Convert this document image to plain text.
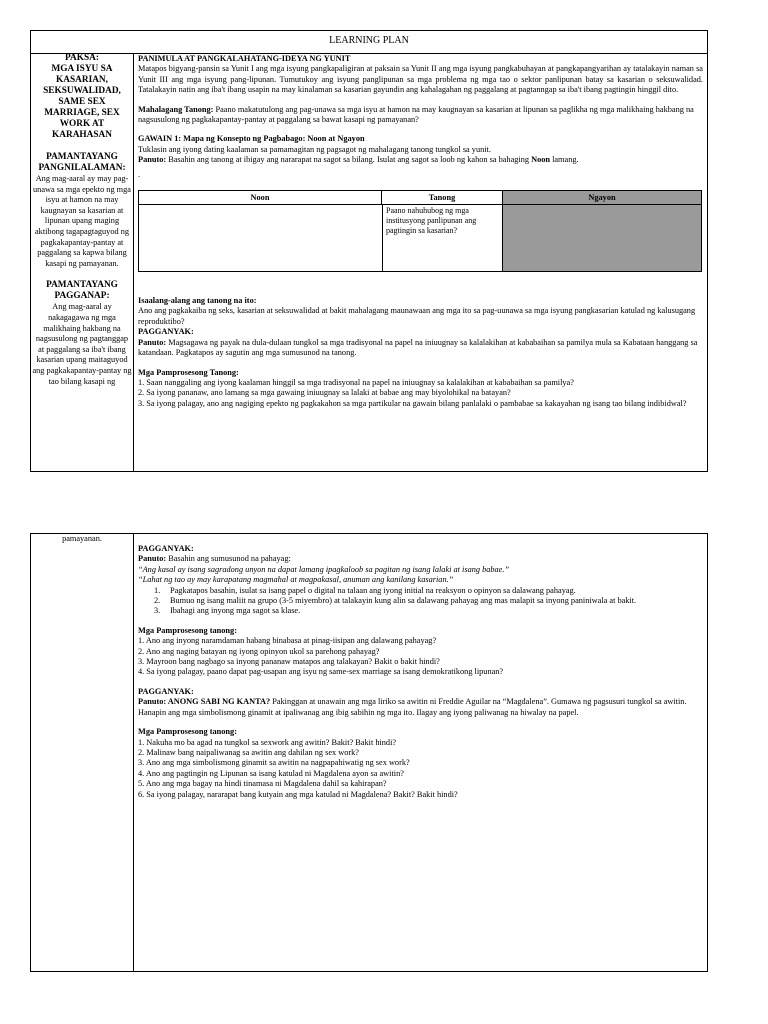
LEARNING PLAN
PAKSA:
MGA ISYU SA
KASARIAN,
SEKSUWALIDAD,
SAME SEX
MARRIAGE, SEX
WORK AT
KARAHASAN
PAMANTAYANG
PANGNILALAMAN:

Ang mag-aaral ay may pag-unawa sa mga epekto ng mga isyu at hamon na may kaugnayan sa kasarian at lipunan upang maging aktibong tagapagtaguyod ng pagkakapantay-pantay at paggalang sa kapwa bilang kasapi ng pamayanan.

PAMANTAYANG
PAGGANAP:

Ang mag-aaral ay nakagagawa ng mga malikhaing hakbang na nagsusulong ng pagtanggap at paggalang sa iba't ibang kasarian upang maitaguyod ang pagkakapantay-pantay ng tao bilang kasapi ng

PANIMULA AT PANGKALAHATANG-IDEYA NG YUNIT
Matapos bigyang-pansin sa Yunit I ang mga isyung pangkapaligiran at paksain sa Yunit II ang mga isyung pangkabuhayan at pangkapangyarihan ay tatalakayin naman sa Yunit III ang mga isyung pang-lipunan. Tumutukoy ang isyung panglipunan sa mga problema ng mga tao o sektor panlipunan batay sa kasarian o seksuwalidad. Tatalakayin natin ang iba't ibang usapin na may kinalaman sa kasarian gayundin ang kahalagahan ng paggalang at pagtanngap sa iba't ibang pagtingin hinggil dito.
Mahalagang Tanong: Paano makatutulong ang pag-unawa sa mga isyu at hamon na may kaugnayan sa kasarian at lipunan sa paglikha ng mga malikhaing hakbang na nagsusulong ng pagkakapantay-pantay at paggalang sa bawat kasapi ng pamayanan?
GAWAIN 1: Mapa ng Konsepto ng Pagbabago: Noon at Ngayon
Tuklasin ang iyong dating kaalaman sa pamamagitan ng pagsagot ng mahalagang tanong tungkol sa yunit.
Panuto: Basahin ang tanong at ibigay ang nararapat na sagot sa bilang. Isulat ang sagot sa loob ng kahon sa bahaging Noon lamang.
.
Noon	Tanong	Ngayon
Paano nahuhubog ng mga institusyong panlipunan ang pagtingin sa kasarian?
Isaalang-alang ang tanong na ito:
Ano ang pagkakaiba ng seks, kasarian at seksuwalidad at bakit mahalagang maunawaan ang mga ito sa pag-uunawa sa mga isyung pangkasarian katulad ng kalusugang reproduktibo?
PAGGANYAK:
Panuto: Magsagawa ng payak na dula-dulaan tungkol sa mga tradisyonal na papel na iniuugnay sa kalalakihan at kababaihan sa pamilya mula sa Kabataan hanggang sa katandaan. Pagkatapos ay sagutin ang mga sumusunod na tanong.
Mga Pamprosesong Tanong:
1. Saan nanggaling ang iyong kaalaman hinggil sa mga tradisyonal na papel na iniuugnay sa kalalakihan at kababaihan sa pamilya?
2. Sa iyong pananaw, ano lamang sa mga gawaing iniuugnay sa lalaki at babae ang may biyolohikal na batayan?
3. Sa iyong palagay, ano ang nagiging epekto ng pagkakahon sa mga partikular na gawain bilang panlalaki o pambabae sa kakayahan ng isang tao bilang indibidwal?
pamayanan.
PAGGANYAK:
Panuto: Basahin ang sumusunod na pahayag:
“Ang kasal ay isang sagradong unyon na dapat lamang ipagkaloob sa pagitan ng isang lalaki at isang babae.”
“Lahat ng tao ay may karapatang magmahal at magpakasal, anuman ang kanilang kasarian.”
1. Pagkatapos basahin, isulat sa isang papel o digital na talaan ang iyong initial na reaksyon o opinyon sa dalawang pahayag.
2. Bumuo ng isang maliit na grupo (3-5 miyembro) at talakayin kung alin sa dalawang pahayag ang mas malapit sa inyong paniniwala at bakit.
3. Ibahagi ang inyong mga sagot sa klase.
Mga Pamprosesong tanong:
1. Ano ang inyong naramdaman habang binabasa at pinag-iisipan ang dalawang pahayag?
2. Ano ang naging batayan ng iyong opinyon ukol sa parehong pahayag?
3. Mayroon bang nagbago sa inyong pananaw matapos ang talakayan? Bakit o bakit hindi?
4. Sa iyong palagay, paano dapat pag-usapan ang isyu ng same-sex marriage sa isang demokratikong lipunan?
PAGGANYAK:
Panuto: ANONG SABI NG KANTA? Pakinggan at unawain ang mga liriko sa awitin ni Freddie Aguilar na “Magdalena”. Gumawa ng pagsusuri tungkol sa awitin. Hanapin ang mga simbolismong ginamit at ipaliwanag ang ibig sabihin ng mga ito. Ilagay ang iyong paliwanag na hiwalay na papel.
Mga Pamprosesong tanong:
1. Nakuha mo ba agad na tungkol sa sexwork ang awitin? Bakit? Bakit hindi?
2. Malinaw bang naipaliwanag sa awitin ang dahilan ng sex work?
3. Ano ang mga simbolismong ginamit sa awitin na nagpapahiwatig ng sex work?
4. Ano ang pagtingin ng Lipunan sa isang katulad ni Magdalena ayon sa awitin?
5. Ano ang mga bagay na hindi tinamasa ni Magdalena dahil sa kahirapan?
6. Sa iyong palagay, nararapat bang kutyain ang mga katulad ni Magdalena? Bakit? Bakit hindi?
